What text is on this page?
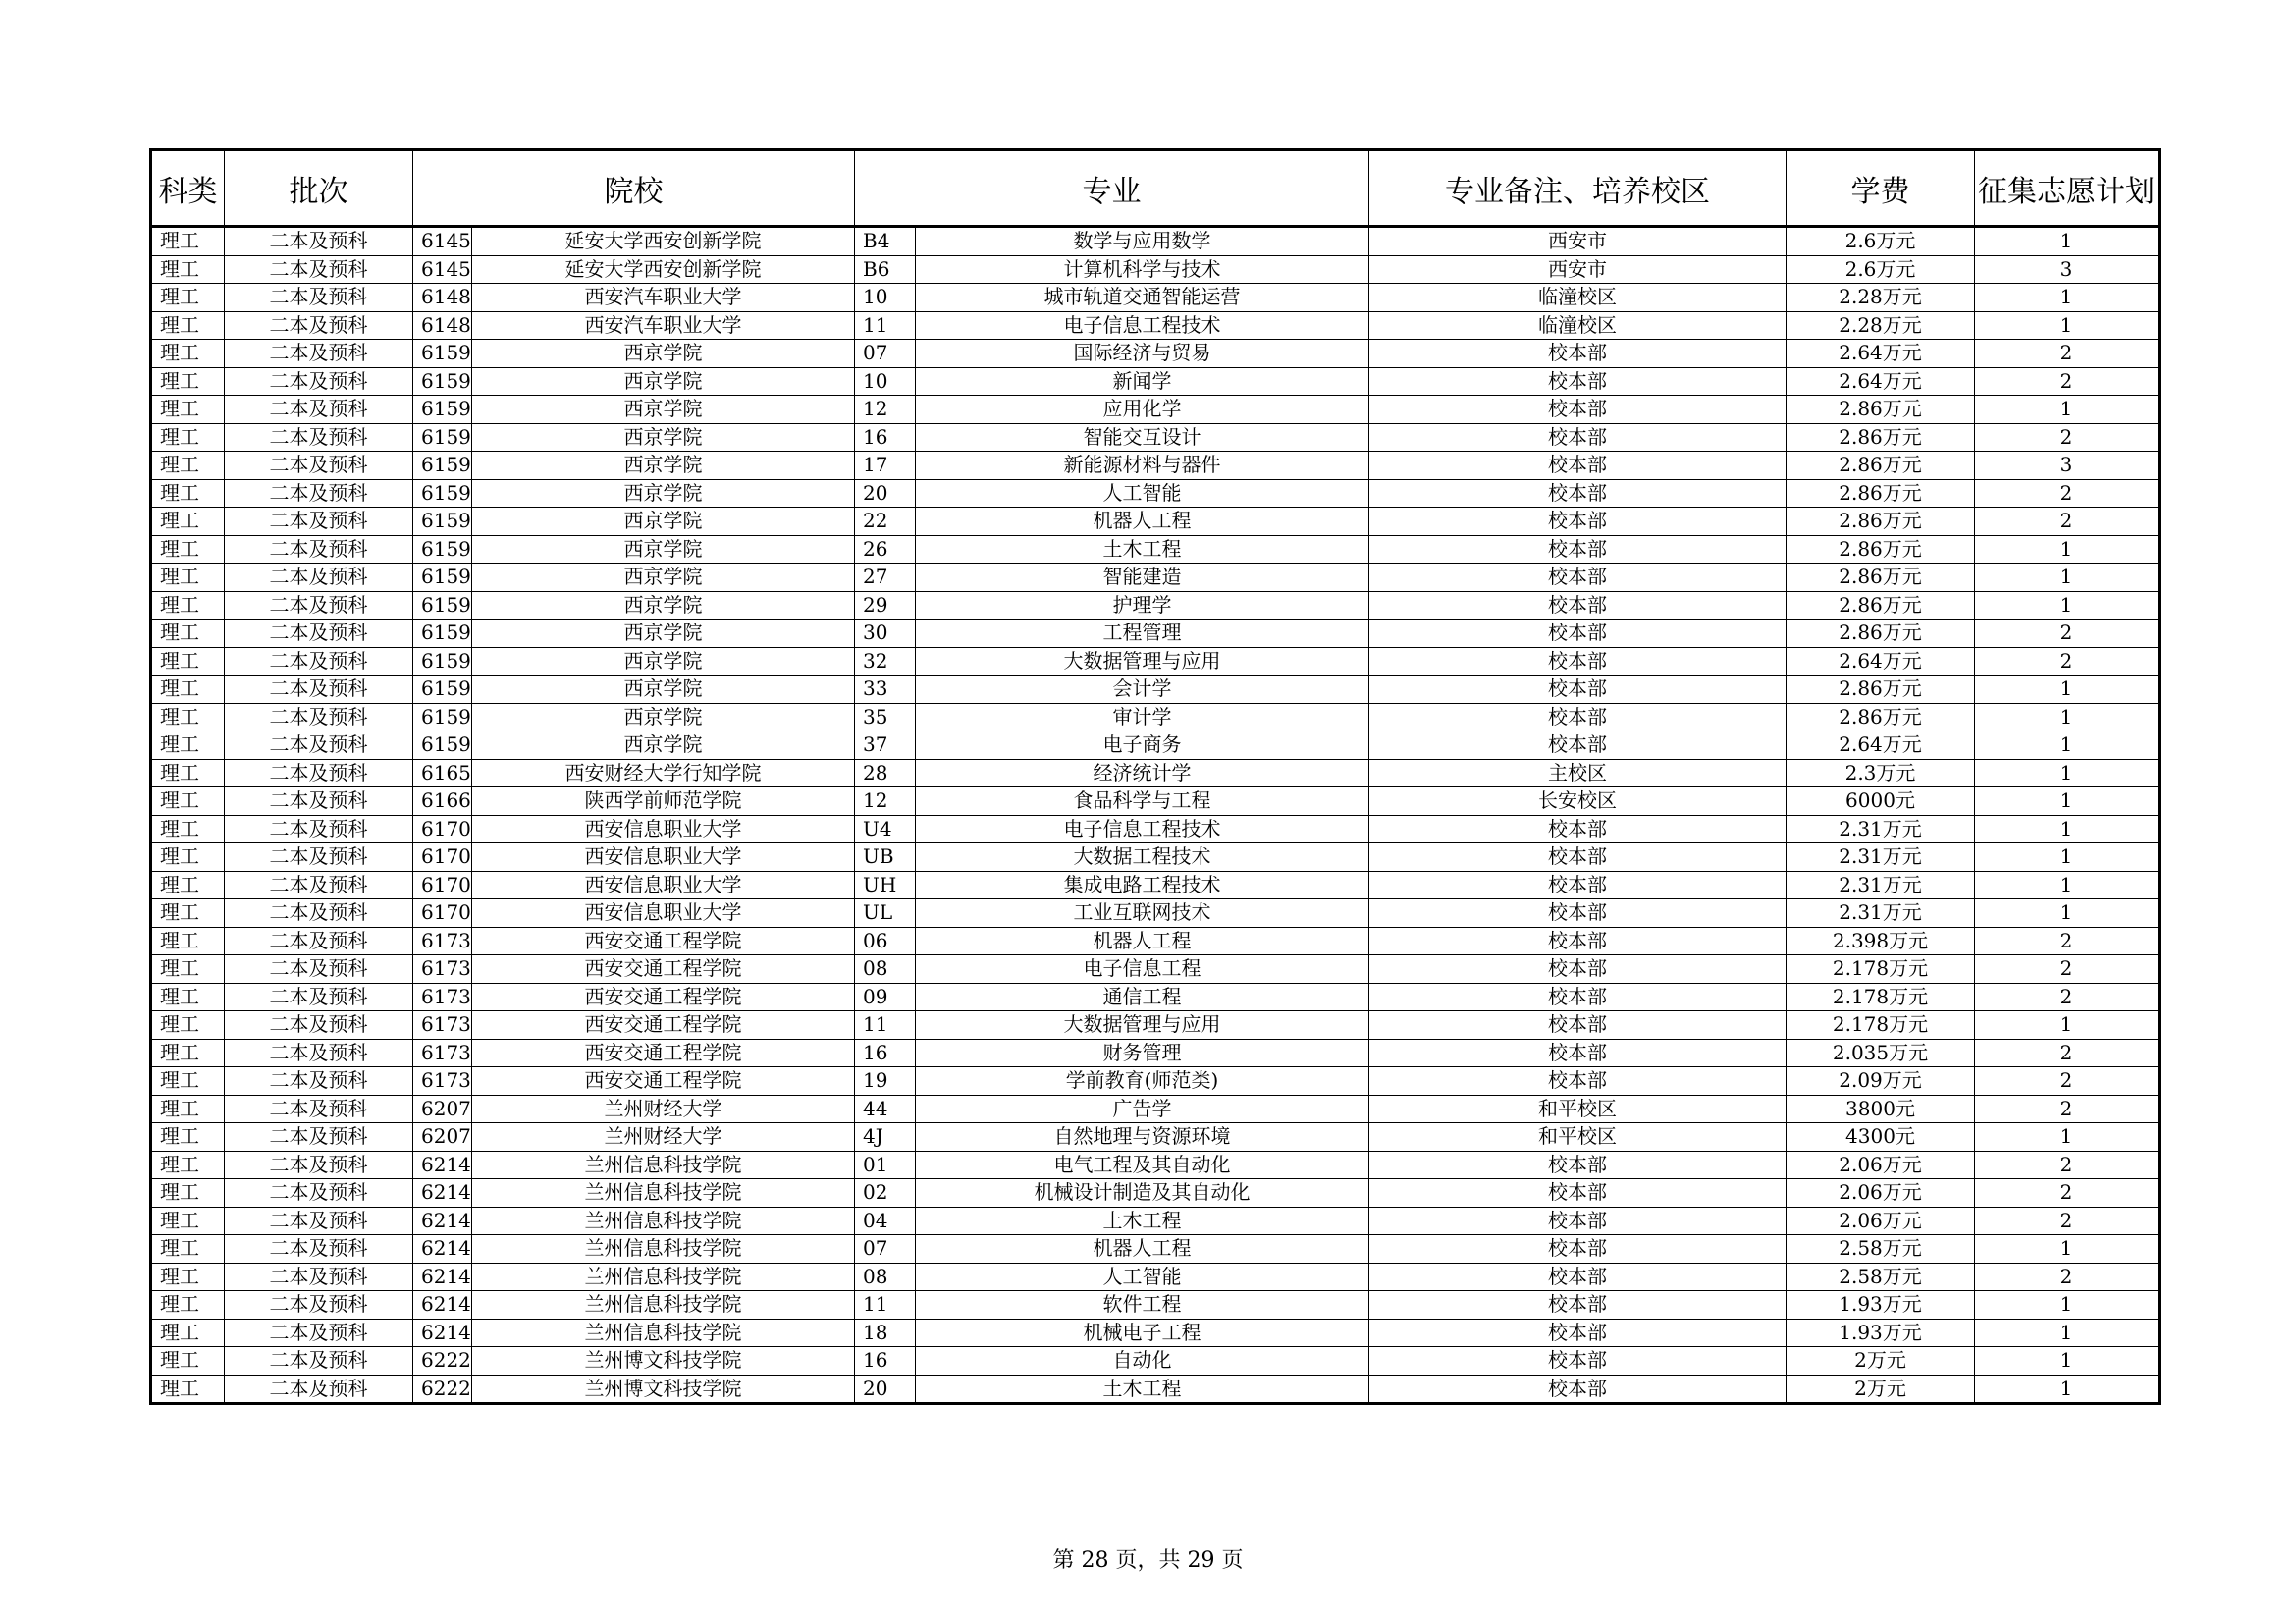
科类	批次	院校		专业		专业备注、培养校区	学费	征集志愿计划
理工	二本及预科	6145	延安大学西安创新学院	B4	数学与应用数学	西安市	2.6万元	1
理工	二本及预科	6145	延安大学西安创新学院	B6	计算机科学与技术	西安市	2.6万元	3
理工	二本及预科	6148	西安汽车职业大学	10	城市轨道交通智能运营	临潼校区	2.28万元	1
理工	二本及预科	6148	西安汽车职业大学	11	电子信息工程技术	临潼校区	2.28万元	1
理工	二本及预科	6159	西京学院	07	国际经济与贸易	校本部	2.64万元	2
理工	二本及预科	6159	西京学院	10	新闻学	校本部	2.64万元	2
理工	二本及预科	6159	西京学院	12	应用化学	校本部	2.86万元	1
理工	二本及预科	6159	西京学院	16	智能交互设计	校本部	2.86万元	2
理工	二本及预科	6159	西京学院	17	新能源材料与器件	校本部	2.86万元	3
理工	二本及预科	6159	西京学院	20	人工智能	校本部	2.86万元	2
理工	二本及预科	6159	西京学院	22	机器人工程	校本部	2.86万元	2
理工	二本及预科	6159	西京学院	26	土木工程	校本部	2.86万元	1
理工	二本及预科	6159	西京学院	27	智能建造	校本部	2.86万元	1
理工	二本及预科	6159	西京学院	29	护理学	校本部	2.86万元	1
理工	二本及预科	6159	西京学院	30	工程管理	校本部	2.86万元	2
理工	二本及预科	6159	西京学院	32	大数据管理与应用	校本部	2.64万元	2
理工	二本及预科	6159	西京学院	33	会计学	校本部	2.86万元	1
理工	二本及预科	6159	西京学院	35	审计学	校本部	2.86万元	1
理工	二本及预科	6159	西京学院	37	电子商务	校本部	2.64万元	1
理工	二本及预科	6165	西安财经大学行知学院	28	经济统计学	主校区	2.3万元	1
理工	二本及预科	6166	陕西学前师范学院	12	食品科学与工程	长安校区	6000元	1
理工	二本及预科	6170	西安信息职业大学	U4	电子信息工程技术	校本部	2.31万元	1
理工	二本及预科	6170	西安信息职业大学	UB	大数据工程技术	校本部	2.31万元	1
理工	二本及预科	6170	西安信息职业大学	UH	集成电路工程技术	校本部	2.31万元	1
理工	二本及预科	6170	西安信息职业大学	UL	工业互联网技术	校本部	2.31万元	1
理工	二本及预科	6173	西安交通工程学院	06	机器人工程	校本部	2.398万元	2
理工	二本及预科	6173	西安交通工程学院	08	电子信息工程	校本部	2.178万元	2
理工	二本及预科	6173	西安交通工程学院	09	通信工程	校本部	2.178万元	2
理工	二本及预科	6173	西安交通工程学院	11	大数据管理与应用	校本部	2.178万元	1
理工	二本及预科	6173	西安交通工程学院	16	财务管理	校本部	2.035万元	2
理工	二本及预科	6173	西安交通工程学院	19	学前教育(师范类)	校本部	2.09万元	2
理工	二本及预科	6207	兰州财经大学	44	广告学	和平校区	3800元	2
理工	二本及预科	6207	兰州财经大学	4J	自然地理与资源环境	和平校区	4300元	1
理工	二本及预科	6214	兰州信息科技学院	01	电气工程及其自动化	校本部	2.06万元	2
理工	二本及预科	6214	兰州信息科技学院	02	机械设计制造及其自动化	校本部	2.06万元	2
理工	二本及预科	6214	兰州信息科技学院	04	土木工程	校本部	2.06万元	2
理工	二本及预科	6214	兰州信息科技学院	07	机器人工程	校本部	2.58万元	1
理工	二本及预科	6214	兰州信息科技学院	08	人工智能	校本部	2.58万元	2
理工	二本及预科	6214	兰州信息科技学院	11	软件工程	校本部	1.93万元	1
理工	二本及预科	6214	兰州信息科技学院	18	机械电子工程	校本部	1.93万元	1
理工	二本及预科	6222	兰州博文科技学院	16	自动化	校本部	2万元	1
理工	二本及预科	6222	兰州博文科技学院	20	土木工程	校本部	2万元	1
第 28 页，共 29 页
